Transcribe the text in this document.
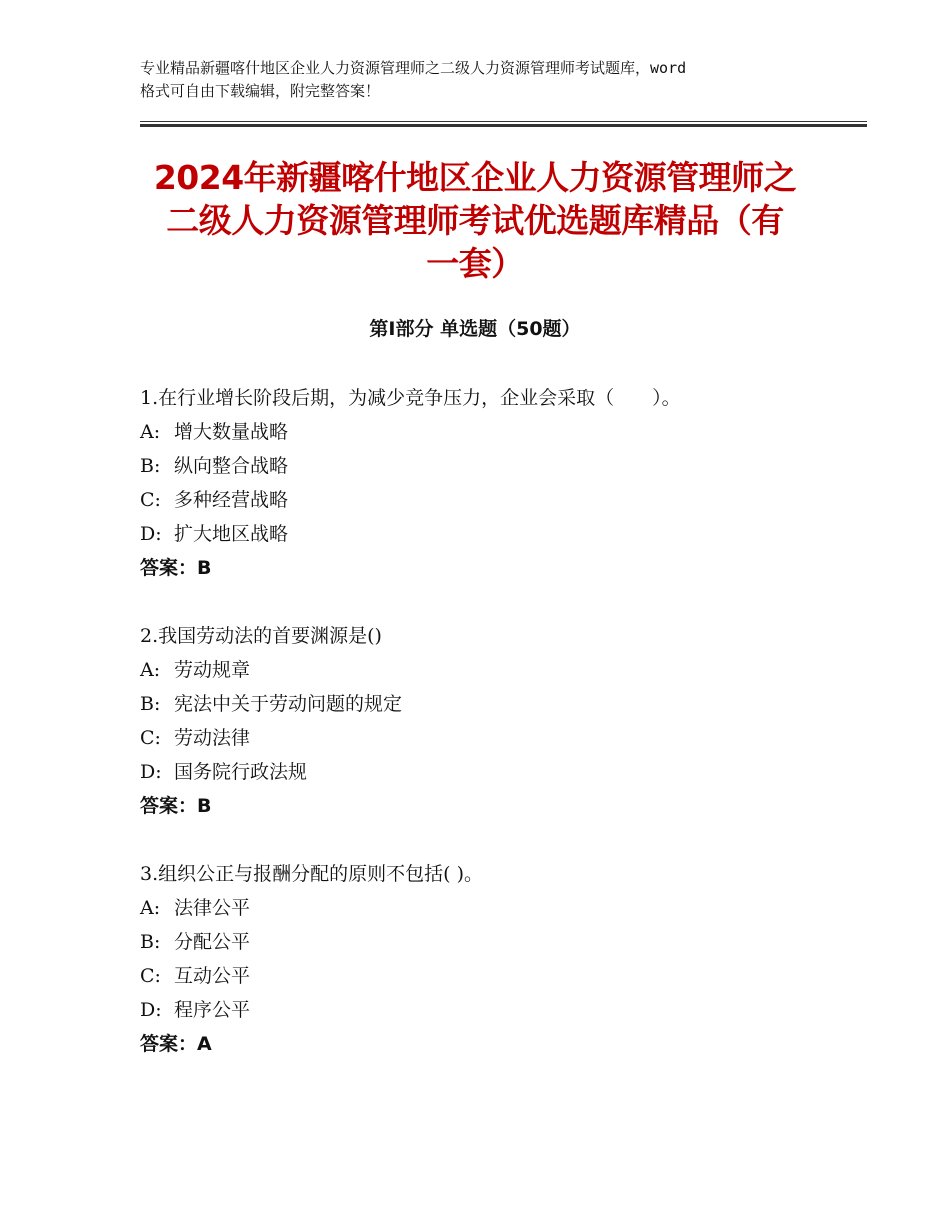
专业精品新疆喀什地区企业人力资源管理师之二级人力资源管理师考试题库，word
格式可自由下载编辑，附完整答案！
2024年新疆喀什地区企业人力资源管理师之
二级人力资源管理师考试优选题库精品（有
一套）
第Ⅰ部分 单选题（50题）
1.在行业增长阶段后期，为减少竞争压力，企业会采取（　　）。
A: 增大数量战略
B: 纵向整合战略
C: 多种经营战略
D: 扩大地区战略
答案：B
2.我国劳动法的首要渊源是()
A: 劳动规章
B: 宪法中关于劳动问题的规定
C: 劳动法律
D: 国务院行政法规
答案：B
3.组织公正与报酬分配的原则不包括( )。
A: 法律公平
B: 分配公平
C: 互动公平
D: 程序公平
答案：A
